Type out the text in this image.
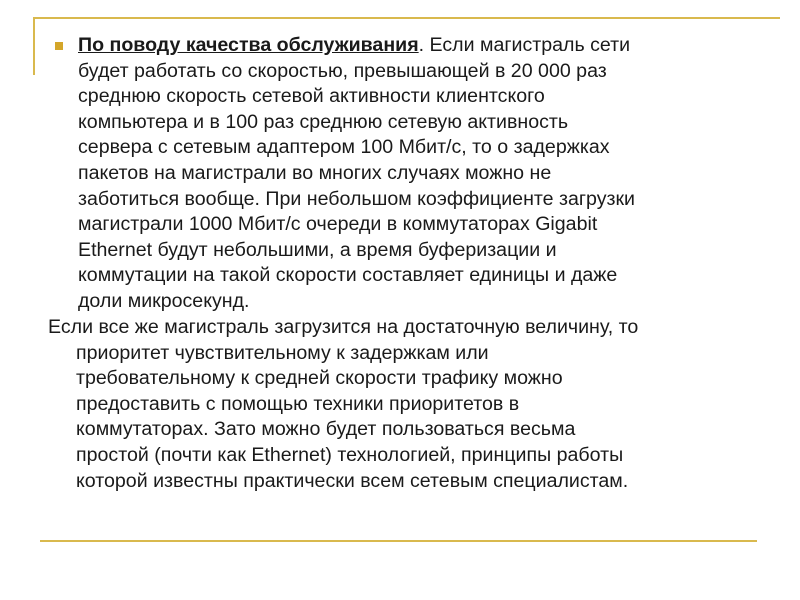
По поводу качества обслуживания. Если магистраль сети
будет работать со скоростью, превышающей в 20 000 раз
среднюю скорость сетевой активности клиентского
компьютера и в 100 раз среднюю сетевую активность
сервера с сетевым адаптером 100 Мбит/с, то о задержках
пакетов на магистрали во многих случаях можно не
заботиться вообще. При небольшом коэффициенте загрузки
магистрали 1000 Мбит/с очереди в коммутаторах Gigabit
Ethernet будут небольшими, а время буферизации и
коммутации на такой скорости составляет единицы и даже
доли микросекунд.

Если все же магистраль загрузится на достаточную величину, то
приоритет чувствительному к задержкам или
требовательному к средней скорости трафику можно
предоставить с помощью техники приоритетов в
коммутаторах. Зато можно будет пользоваться весьма
простой (почти как Ethernet) технологией, принципы работы
которой известны практически всем сетевым специалистам.
